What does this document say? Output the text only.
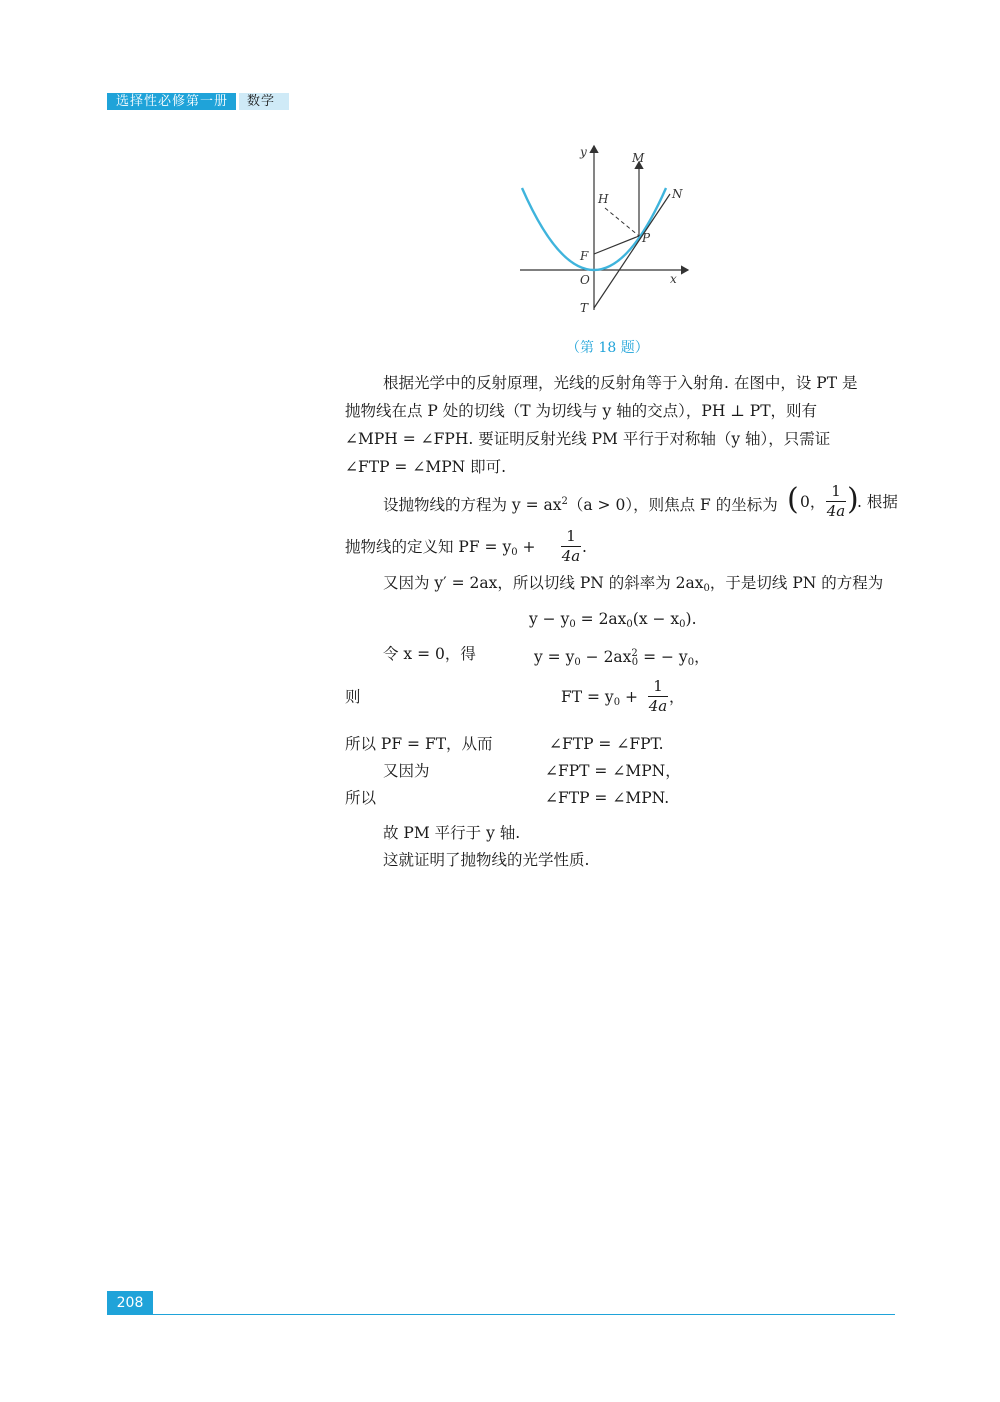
选择性必修第一册	数学
y
x
M
N
H
P
F
O
T
（第 18 题）
根据光学中的反射原理，光线的反射角等于入射角. 在图中，设 PT 是
抛物线在点 P 处的切线（T 为切线与 y 轴的交点），PH ⊥ PT，则有
∠MPH = ∠FPH. 要证明反射光线 PM 平行于对称轴（y 轴），只需证
∠FTP = ∠MPN 即可.
设抛物线的方程为 $y = ax^2(a > 0)$，则焦点 F 的坐标为 ( 0，
1
4a )
. 根据
抛物线的定义知 PF = $y_0$ +
1
4a .
又因为 y′ = 2ax，所以切线 PN 的斜率为 $2ax_0$，于是切线 PN 的方程为
$y - y_0 = 2ax_0(x - x_0)$.
令 x = 0，得	$y = y_0 - 2ax^2_0$ = − $y_0$，
则	FT = $y_0$ +
1
4a ，
所以 PF = FT，从而	∠FTP = ∠FPT.
又因为	∠FPT = ∠MPN，
所以	∠FTP = ∠MPN.
故 PM 平行于 y 轴.
这就证明了抛物线的光学性质.
208
